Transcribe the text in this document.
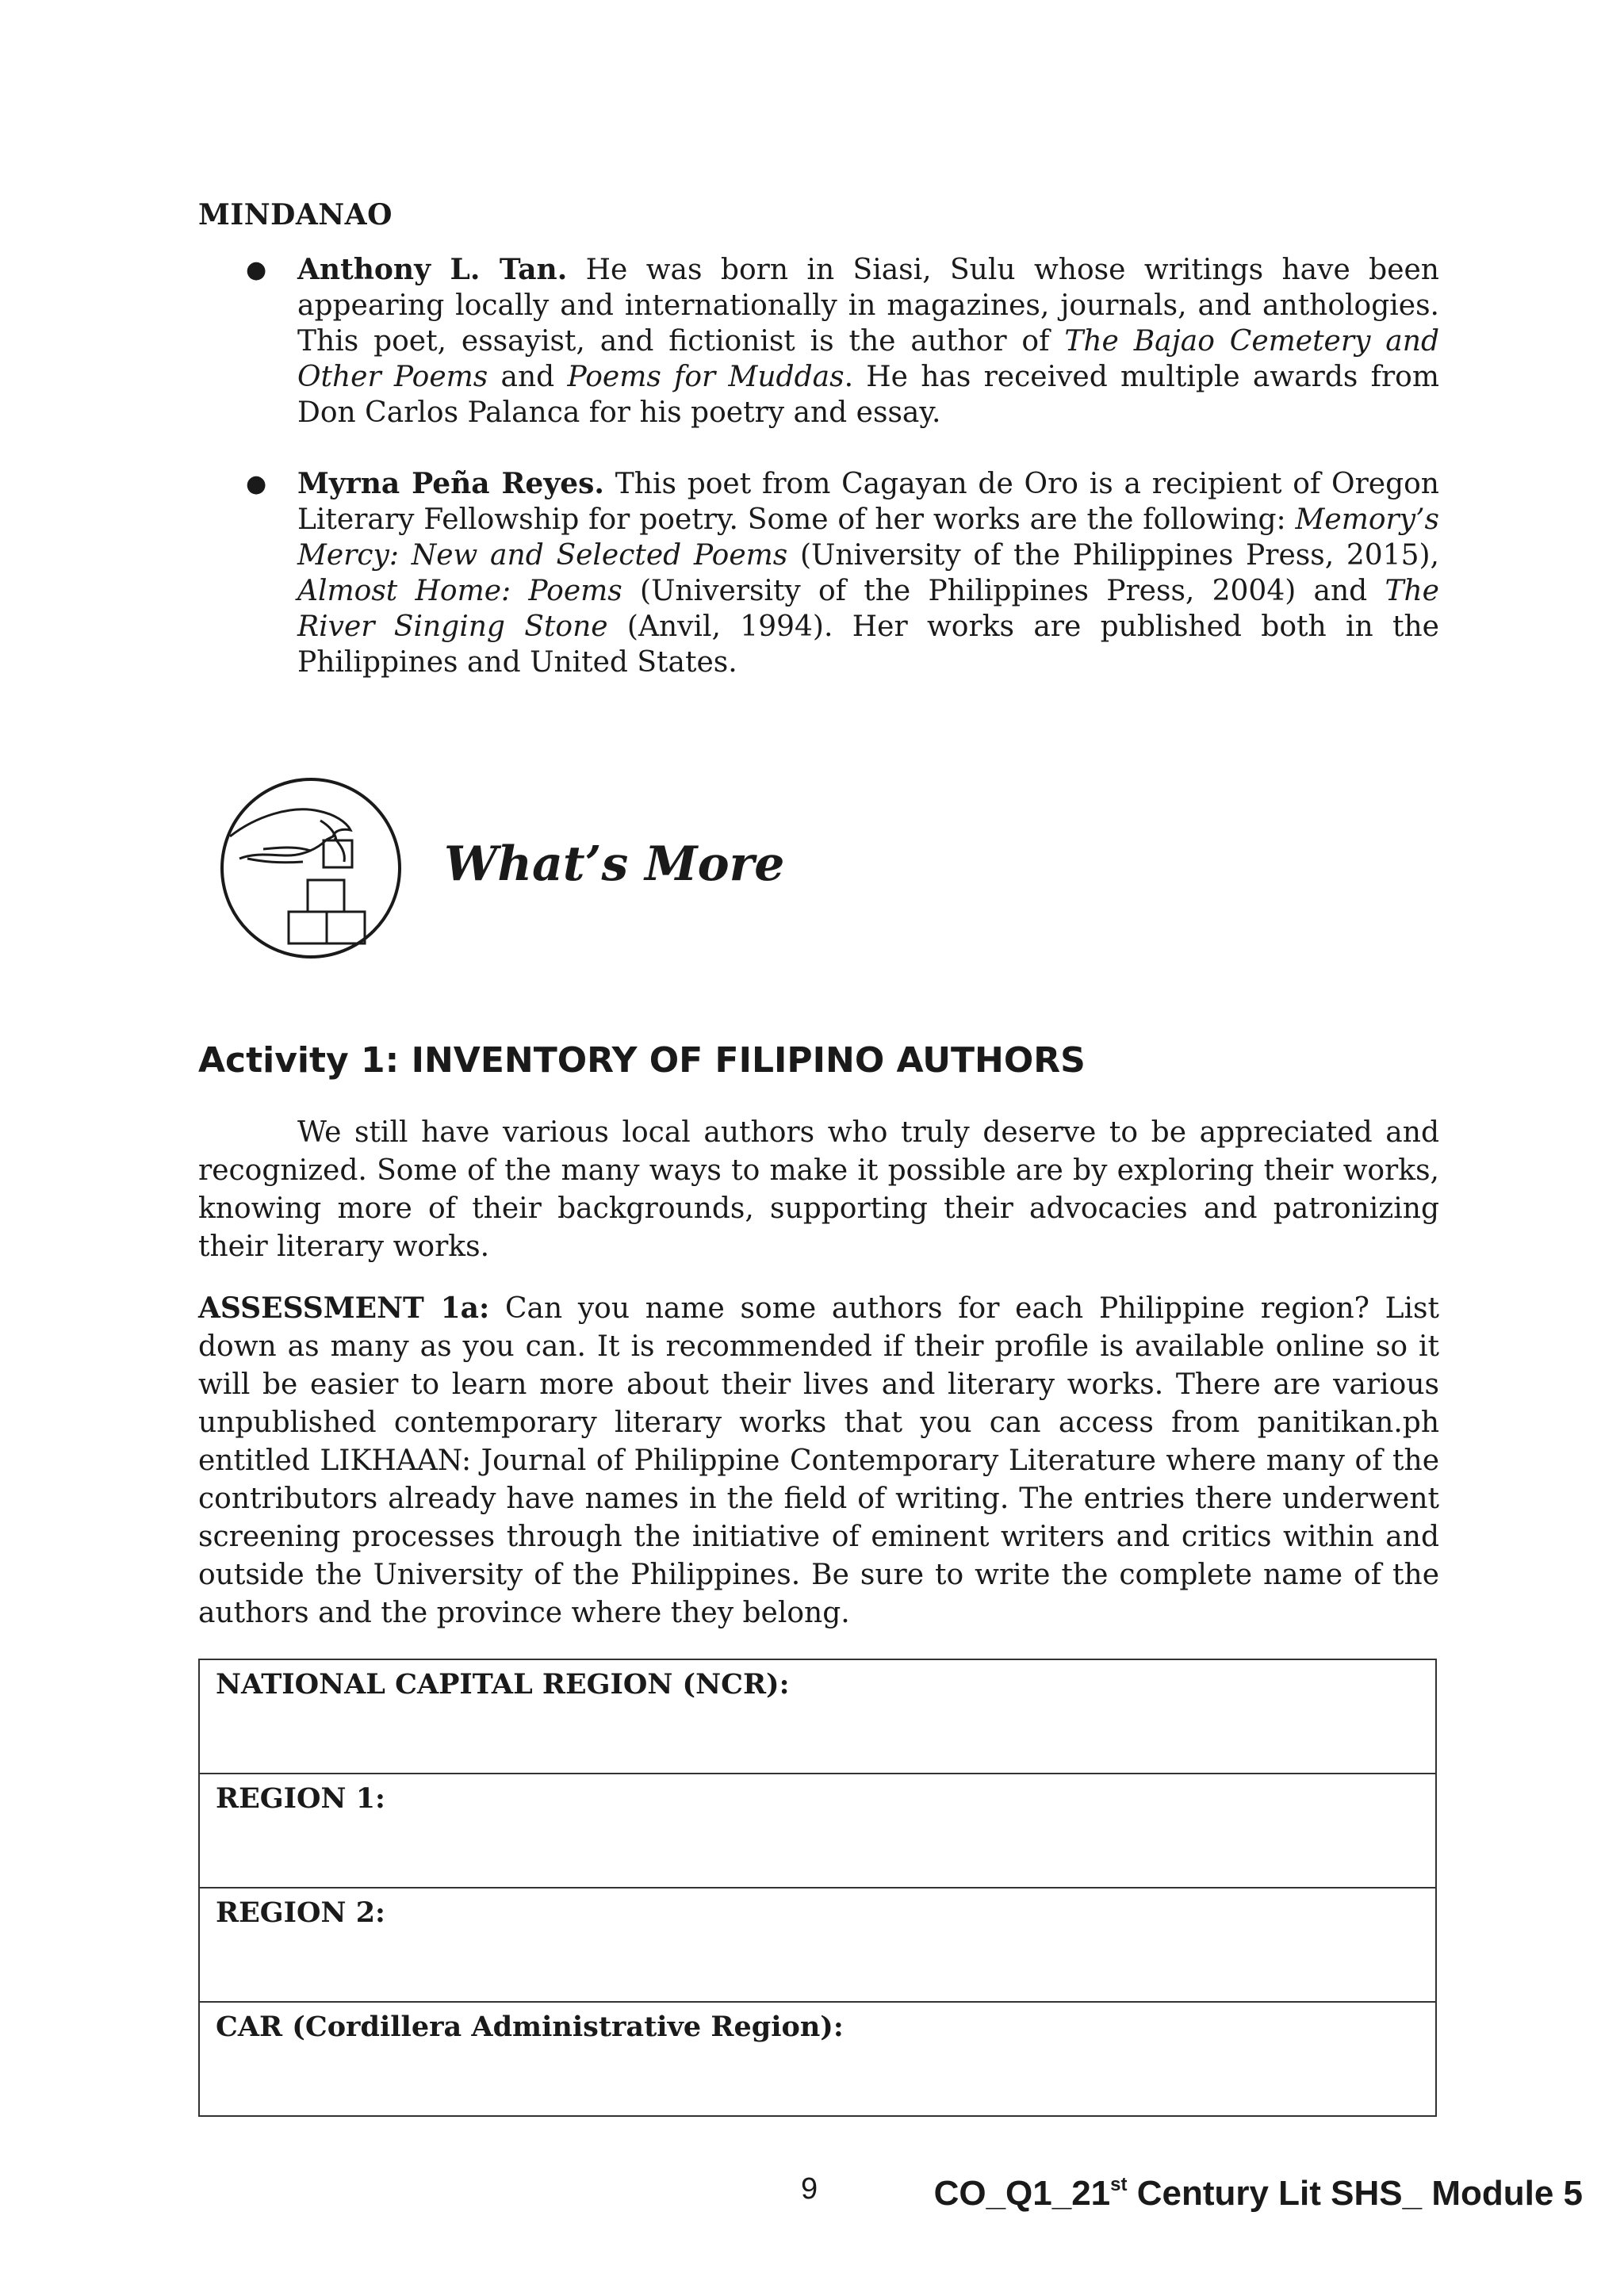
MINDANAO
● Anthony L. Tan. He was born in Siasi, Sulu whose writings have been appearing locally and internationally in magazines, journals, and anthologies. This poet, essayist, and fictionist is the author of The Bajao Cemetery and Other Poems and Poems for Muddas. He has received multiple awards from Don Carlos Palanca for his poetry and essay.
● Myrna Peña Reyes. This poet from Cagayan de Oro is a recipient of Oregon Literary Fellowship for poetry. Some of her works are the following: Memory’s Mercy: New and Selected Poems (University of the Philippines Press, 2015), Almost Home: Poems (University of the Philippines Press, 2004) and The River Singing Stone (Anvil, 1994). Her works are published both in the Philippines and United States.
What’s More
Activity 1: INVENTORY OF FILIPINO AUTHORS

We still have various local authors who truly deserve to be appreciated and recognized. Some of the many ways to make it possible are by exploring their works, knowing more of their backgrounds, supporting their advocacies and patronizing their literary works.

ASSESSMENT 1a: Can you name some authors for each Philippine region? List down as many as you can. It is recommended if their profile is available online so it will be easier to learn more about their lives and literary works. There are various unpublished contemporary literary works that you can access from panitikan.ph entitled LIKHAAN: Journal of Philippine Contemporary Literature where many of the contributors already have names in the field of writing. The entries there underwent screening processes through the initiative of eminent writers and critics within and outside the University of the Philippines. Be sure to write the complete name of the authors and the province where they belong.

NATIONAL CAPITAL REGION (NCR):
REGION 1:
REGION 2:
CAR (Cordillera Administrative Region):
9	CO_Q1_21st Century Lit SHS_ Module 5
